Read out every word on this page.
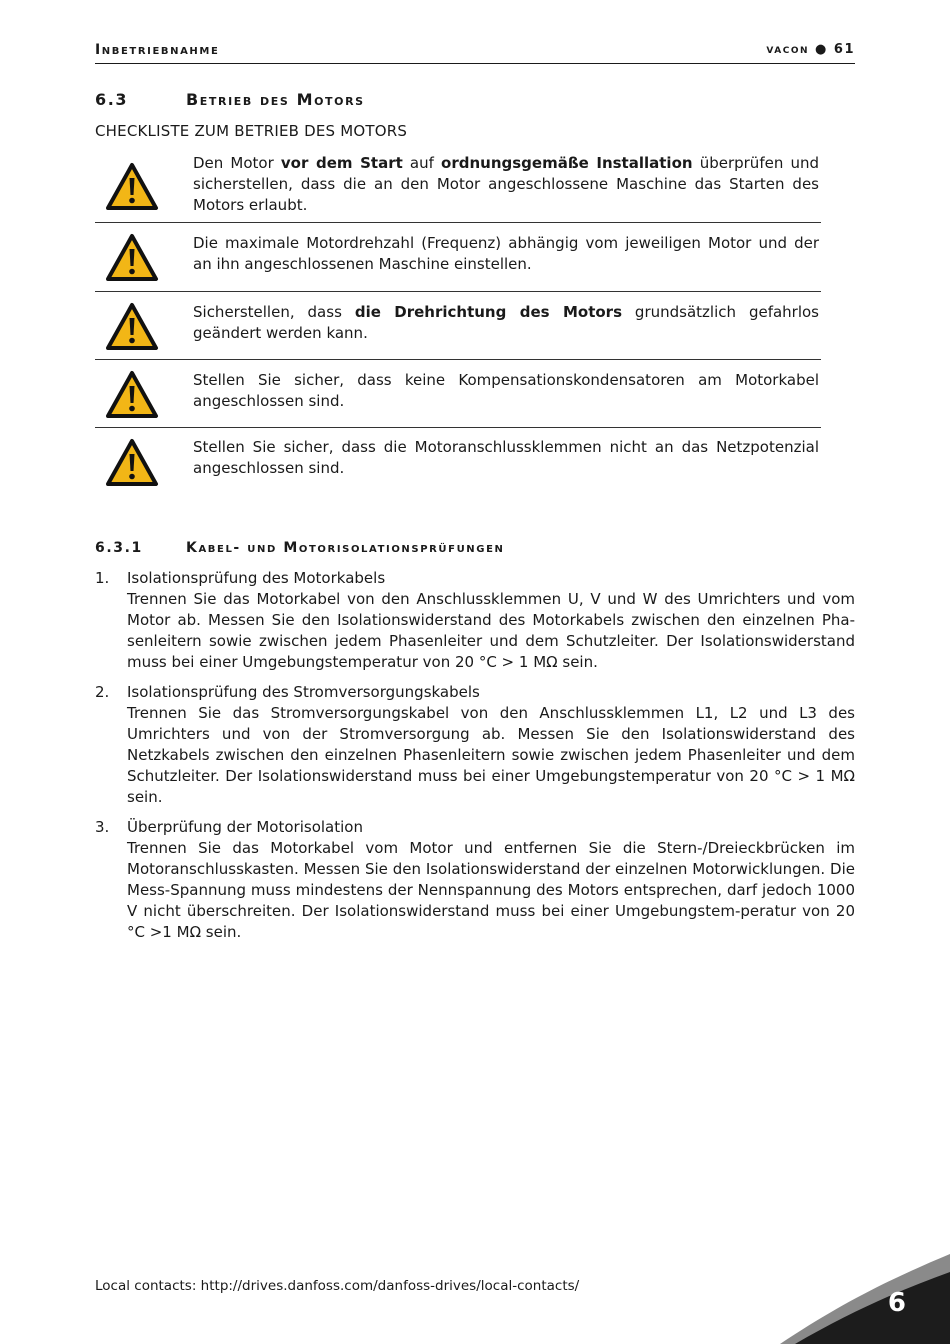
Inbetriebnahme	vacon ● 61
6.3	Betrieb des Motors
CHECKLISTE ZUM BETRIEB DES MOTORS
Den Motor vor dem Start auf ordnungsgemäße Installation überprüfen und sicherstellen, dass die an den Motor angeschlossene Maschine das Starten des Motors erlaubt.
Die maximale Motordrehzahl (Frequenz) abhängig vom jeweiligen Motor und der an ihn angeschlossenen Maschine einstellen.
Sicherstellen, dass die Drehrichtung des Motors grundsätzlich gefahrlos geändert werden kann.
Stellen Sie sicher, dass keine Kompensationskondensatoren am Motorkabel angeschlossen sind.
Stellen Sie sicher, dass die Motoranschlussklemmen nicht an das Netzpotenzial angeschlossen sind.
6.3.1	Kabel- und Motorisolationsprüfungen
1. Isolationsprüfung des Motorkabels
Trennen Sie das Motorkabel von den Anschlussklemmen U, V und W des Umrichters und vom Motor ab. Messen Sie den Isolationswiderstand des Motorkabels zwischen den einzelnen Pha-senleitern sowie zwischen jedem Phasenleiter und dem Schutzleiter. Der Isolationswiderstand muss bei einer Umgebungstemperatur von 20 °C > 1 MΩ sein.
2. Isolationsprüfung des Stromversorgungskabels
Trennen Sie das Stromversorgungskabel von den Anschlussklemmen L1, L2 und L3 des Umrichters und von der Stromversorgung ab. Messen Sie den Isolationswiderstand des Netzkabels zwischen den einzelnen Phasenleitern sowie zwischen jedem Phasenleiter und dem Schutzleiter. Der Isolationswiderstand muss bei einer Umgebungstemperatur von 20 °C > 1 MΩ sein.
3. Überprüfung der Motorisolation
Trennen Sie das Motorkabel vom Motor und entfernen Sie die Stern-/Dreieckbrücken im Motoranschlusskasten. Messen Sie den Isolationswiderstand der einzelnen Motorwicklungen. Die Mess-Spannung muss mindestens der Nennspannung des Motors entsprechen, darf jedoch 1000 V nicht überschreiten. Der Isolationswiderstand muss bei einer Umgebungstem-peratur von 20 °C >1 MΩ sein.
Local contacts: http://drives.danfoss.com/danfoss-drives/local-contacts/
6
